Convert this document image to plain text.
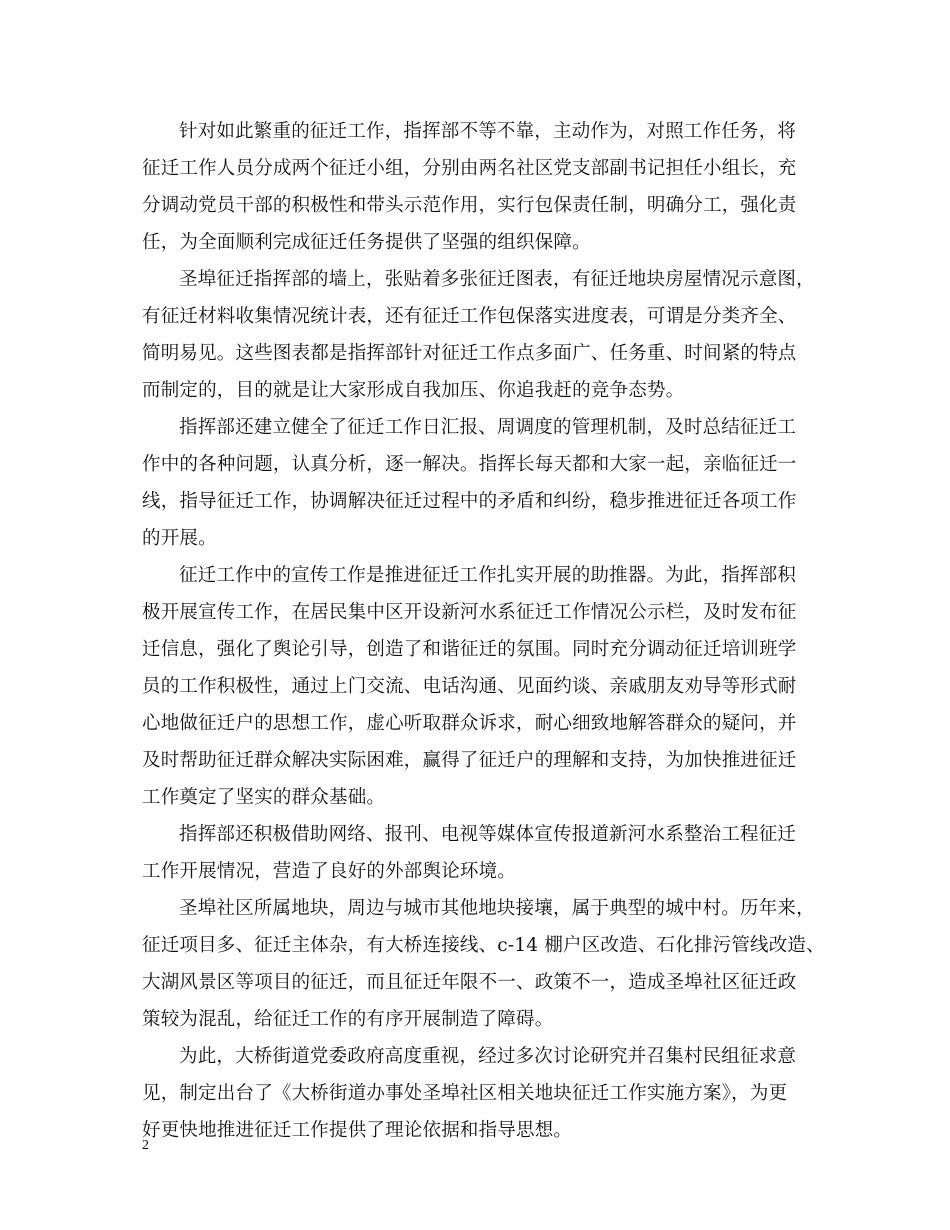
针对如此繁重的征迁工作，指挥部不等不靠，主动作为，对照工作任务，将
征迁工作人员分成两个征迁小组，分别由两名社区党支部副书记担任小组长，充
分调动党员干部的积极性和带头示范作用，实行包保责任制，明确分工，强化责
任，为全面顺利完成征迁任务提供了坚强的组织保障。
圣埠征迁指挥部的墙上，张贴着多张征迁图表，有征迁地块房屋情况示意图，
有征迁材料收集情况统计表，还有征迁工作包保落实进度表，可谓是分类齐全、
简明易见。这些图表都是指挥部针对征迁工作点多面广、任务重、时间紧的特点
而制定的，目的就是让大家形成自我加压、你追我赶的竞争态势。
指挥部还建立健全了征迁工作日汇报、周调度的管理机制，及时总结征迁工
作中的各种问题，认真分析，逐一解决。指挥长每天都和大家一起，亲临征迁一
线，指导征迁工作，协调解决征迁过程中的矛盾和纠纷，稳步推进征迁各项工作
的开展。
征迁工作中的宣传工作是推进征迁工作扎实开展的助推器。为此，指挥部积
极开展宣传工作，在居民集中区开设新河水系征迁工作情况公示栏，及时发布征
迁信息，强化了舆论引导，创造了和谐征迁的氛围。同时充分调动征迁培训班学
员的工作积极性，通过上门交流、电话沟通、见面约谈、亲戚朋友劝导等形式耐
心地做征迁户的思想工作，虚心听取群众诉求，耐心细致地解答群众的疑问，并
及时帮助征迁群众解决实际困难，赢得了征迁户的理解和支持，为加快推进征迁
工作奠定了坚实的群众基础。
指挥部还积极借助网络、报刊、电视等媒体宣传报道新河水系整治工程征迁
工作开展情况，营造了良好的外部舆论环境。
圣埠社区所属地块，周边与城市其他地块接壤，属于典型的城中村。历年来，
征迁项目多、征迁主体杂，有大桥连接线、c-14 棚户区改造、石化排污管线改造、
大湖风景区等项目的征迁，而且征迁年限不一、政策不一，造成圣埠社区征迁政
策较为混乱，给征迁工作的有序开展制造了障碍。
为此，大桥街道党委政府高度重视，经过多次讨论研究并召集村民组征求意
见，制定出台了《大桥街道办事处圣埠社区相关地块征迁工作实施方案》，为更
好更快地推进征迁工作提供了理论依据和指导思想。
2
